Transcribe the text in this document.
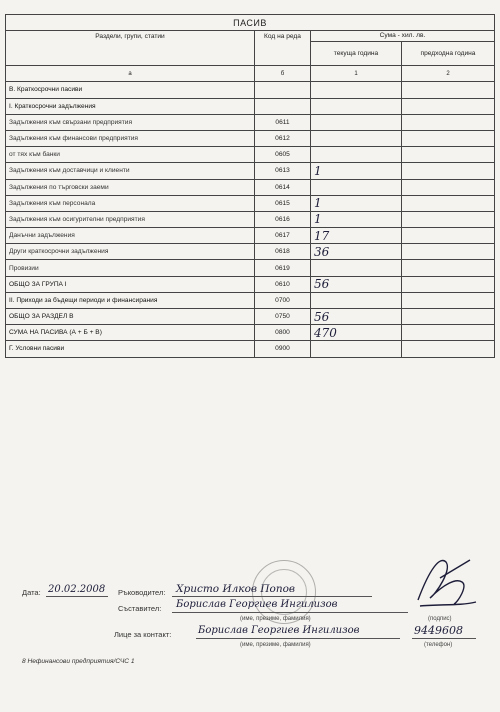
ПАСИВ			
Раздели, групи, статии	Код на реда	Сума - хил. лв.	
		текуща година	предходна година
а	б	1	2
В. Краткосрочни пасиви			
I. Краткосрочни задължения			
Задължения към свързани предприятия	0611		
Задължения към финансови предприятия	0612		
от тях към банки	0605		
Задължения към доставчици и клиенти	0613	1	
Задължения по търговски заеми	0614		
Задължения към персонала	0615	1	
Задължения към осигурителни предприятия	0616	1	
Данъчни задължения	0617	17	
Други краткосрочни задължения	0618	36	
Провизии	0619		
ОБЩО ЗА ГРУПА I	0610	56	
II. Приходи за бъдещи периоди и финансирания	0700		
ОБЩО ЗА РАЗДЕЛ В	0750	56	
СУМА НА ПАСИВА (А + Б + В)	0800	470	
Г. Условни пасиви	0900		
Дата: 20.02.2008 Ръководител: Христо Илков Попов
Съставител: Борислав Георгиев Ингилизов
(име, презиме, фамилия)	(подпис)
Лице за контакт:	Борислав Георгиев Ингилизов	9449608
(име, презиме, фамилия)	(телефон)
8 Нефинансови предприятия/СЧС 1
